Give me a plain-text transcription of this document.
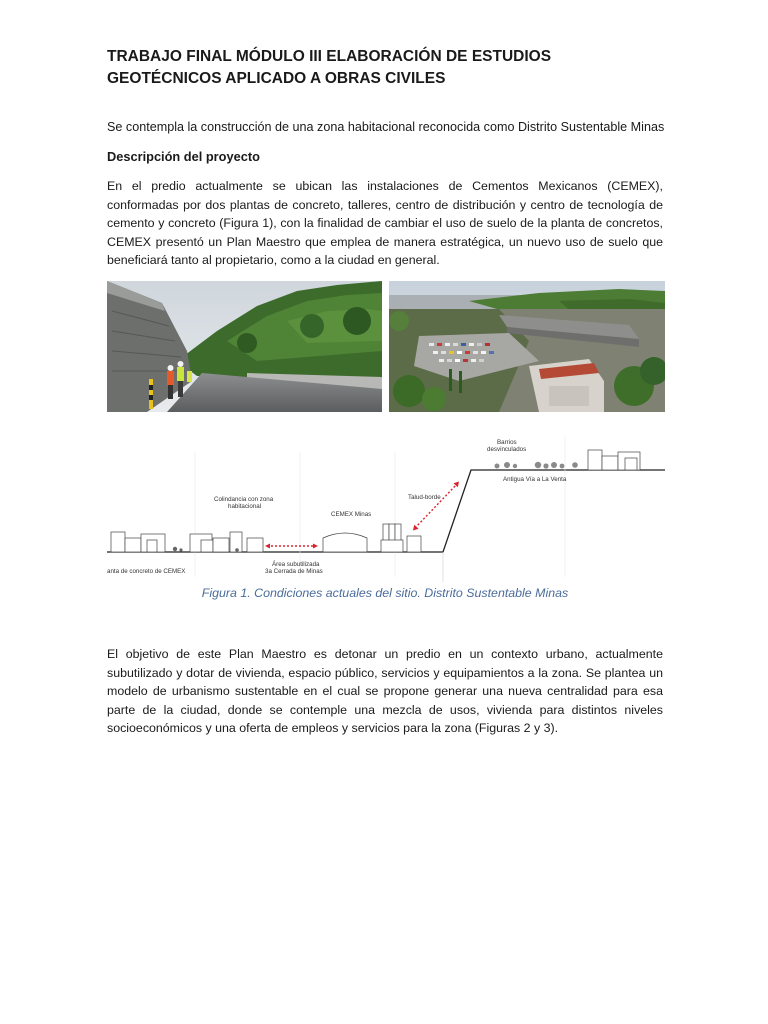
TRABAJO FINAL MÓDULO III ELABORACIÓN DE ESTUDIOS GEOTÉCNICOS APLICADO A OBRAS CIVILES

Se contempla la construcción de una zona habitacional reconocida como Distrito Sustentable Minas

Descripción del proyecto

En el predio actualmente se ubican las instalaciones de Cementos Mexicanos (CEMEX), conformadas por dos plantas de concreto, talleres, centro de distribución y centro de tecnología de cemento y concreto (Figura 1), con la finalidad de cambiar el uso de suelo de la planta de concretos, CEMEX presentó un Plan Maestro que emplea de manera estratégica, un nuevo uso de suelo que beneficiará tanto al propietario, como a la ciudad en general.

Barrios
desvinculados
Antigua Vía a La Venta
Talud-borde
Colindancia con zona
habitacional
CEMEX Minas
Área subutilizada
3a Cerrada de Minas
anta de concreto de CEMEX

Figura 1. Condiciones actuales del sitio. Distrito Sustentable Minas

El objetivo de este Plan Maestro es detonar un predio en un contexto urbano, actualmente subutilizado y dotar de vivienda, espacio público, servicios y equipamientos a la zona. Se plantea un modelo de urbanismo sustentable en el cual se propone generar una nueva centralidad para esa parte de la ciudad, donde se contemple una mezcla de usos, vivienda para distintos niveles socioeconómicos y una oferta de empleos y servicios para la zona (Figuras 2 y 3).
